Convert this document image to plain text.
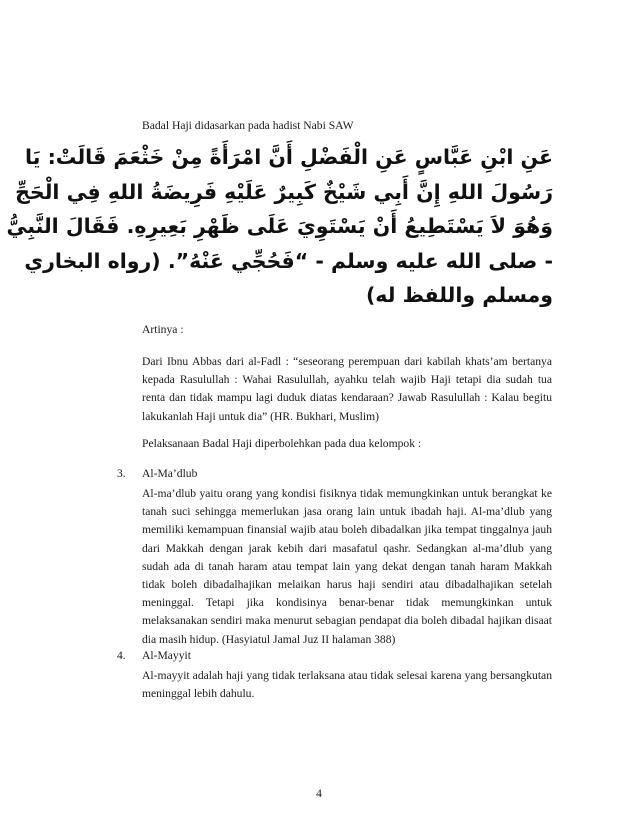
Badal Haji didasarkan pada hadist Nabi SAW

عَنِ ابْنِ عَبَّاسٍ عَنِ الْفَضْلِ أَنَّ امْرَأَةً مِنْ خَثْعَمَ قَالَتْ: يَا
رَسُولَ اللهِ إِنَّ أَبِي شَيْخٌ كَبِيرٌ عَلَيْهِ فَرِيضَةُ اللهِ فِي الْحَجِّ
وَهُوَ لاَ يَسْتَطِيعُ أَنْ يَسْتَوِيَ عَلَى ظَهْرِ بَعِيرِهِ. فَقَالَ النَّبِيُّ
- صلى الله عليه وسلم - “فَحُجِّي عَنْهُ”. (رواه البخاري
ومسلم واللفظ له)

Artinya :

Dari Ibnu Abbas dari al-Fadl : “seseorang perempuan dari kabilah khats’am bertanya kepada Rasulullah : Wahai Rasulullah, ayahku telah wajib Haji tetapi dia sudah tua renta dan tidak mampu lagi duduk diatas kendaraan? Jawab Rasulullah : Kalau begitu lakukanlah Haji untuk dia” (HR. Bukhari, Muslim)

Pelaksanaan Badal Haji diperbolehkan pada dua kelompok :

3. Al-Ma’dlub

Al-ma’dlub yaitu orang yang kondisi fisiknya tidak memungkinkan untuk berangkat ke tanah suci sehingga memerlukan jasa orang lain untuk ibadah haji. Al-ma’dlub yang memiliki kemampuan finansial wajib atau boleh dibadalkan jika tempat tinggalnya jauh dari Makkah dengan jarak kebih dari masafatul qashr. Sedangkan al-ma’dlub yang sudah ada di tanah haram atau tempat lain yang dekat dengan tanah haram Makkah tidak boleh dibadalhajikan melaikan harus haji sendiri atau dibadalhajikan setelah meninggal. Tetapi jika kondisinya benar-benar tidak memungkinkan untuk melaksanakan sendiri maka menurut sebagian pendapat dia boleh dibadal hajikan disaat dia masih hidup. (Hasyiatul Jamal Juz II halaman 388)

4. Al-Mayyit

Al-mayyit adalah haji yang tidak terlaksana atau tidak selesai karena yang bersangkutan meninggal lebih dahulu.

4
